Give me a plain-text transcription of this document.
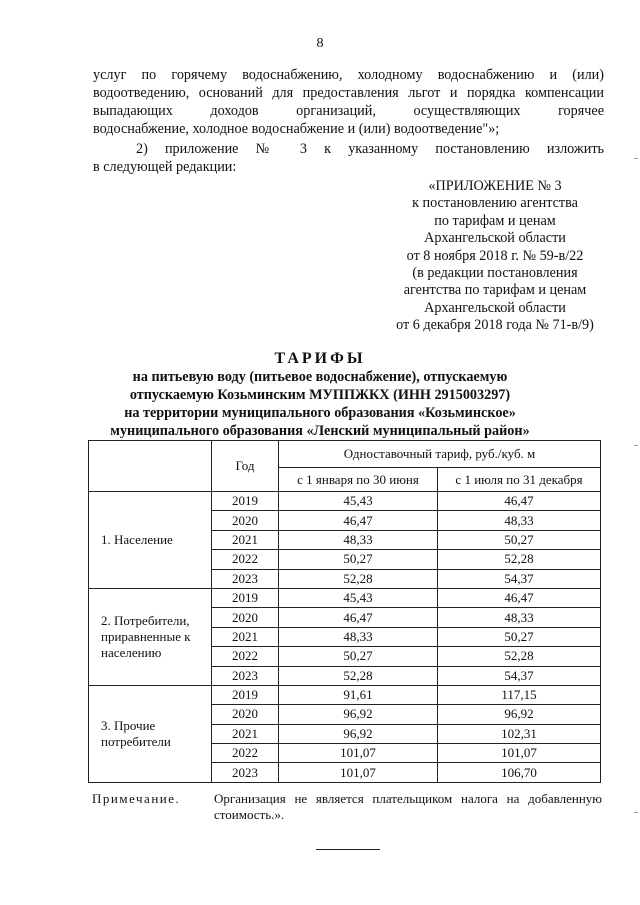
8
услуг по горячему водоснабжению, холодному водоснабжению и (или)
водоотведению, оснований для предоставления льгот и порядка компенсации
выпадающих доходов организаций, осуществляющих горячее
водоснабжение, холодное водоснабжение и (или) водоотведение"»;
2) приложение № 3 к указанному постановлению изложить
в следующей редакции:
«ПРИЛОЖЕНИЕ № 3
к постановлению агентства
по тарифам и ценам
Архангельской области
от 8 ноября 2018 г. № 59-в/22
(в редакции постановления
агентства по тарифам и ценам
Архангельской области
от 6 декабря 2018 года № 71-в/9)
ТАРИФЫ
на питьевую воду (питьевое водоснабжение), отпускаемую
отпускаемую Козьминским МУППЖКХ (ИНН 2915003297)
на территории муниципального образования «Козьминское»
муниципального образования «Ленский муниципальный район»
	Год	Одноставочный тариф, руб./куб. м	
		с 1 января по 30 июня	с 1 июля по 31 декабря

1. Население	2019	45,43	46,47
	2020	46,47	48,33
	2021	48,33	50,27
	2022	50,27	52,28
	2023	52,28	54,37

2. Потребители,
приравненные к
населению	2019	45,43	46,47
	2020	46,47	48,33
	2021	48,33	50,27
	2022	50,27	52,28
	2023	52,28	54,37

3. Прочие
потребители	2019	91,61	117,15
	2020	96,92	96,92
	2021	96,92	102,31
	2022	101,07	101,07
	2023	101,07	106,70
Примечание.	Организация не является плательщиком налога на добавленную
стоимость.».
